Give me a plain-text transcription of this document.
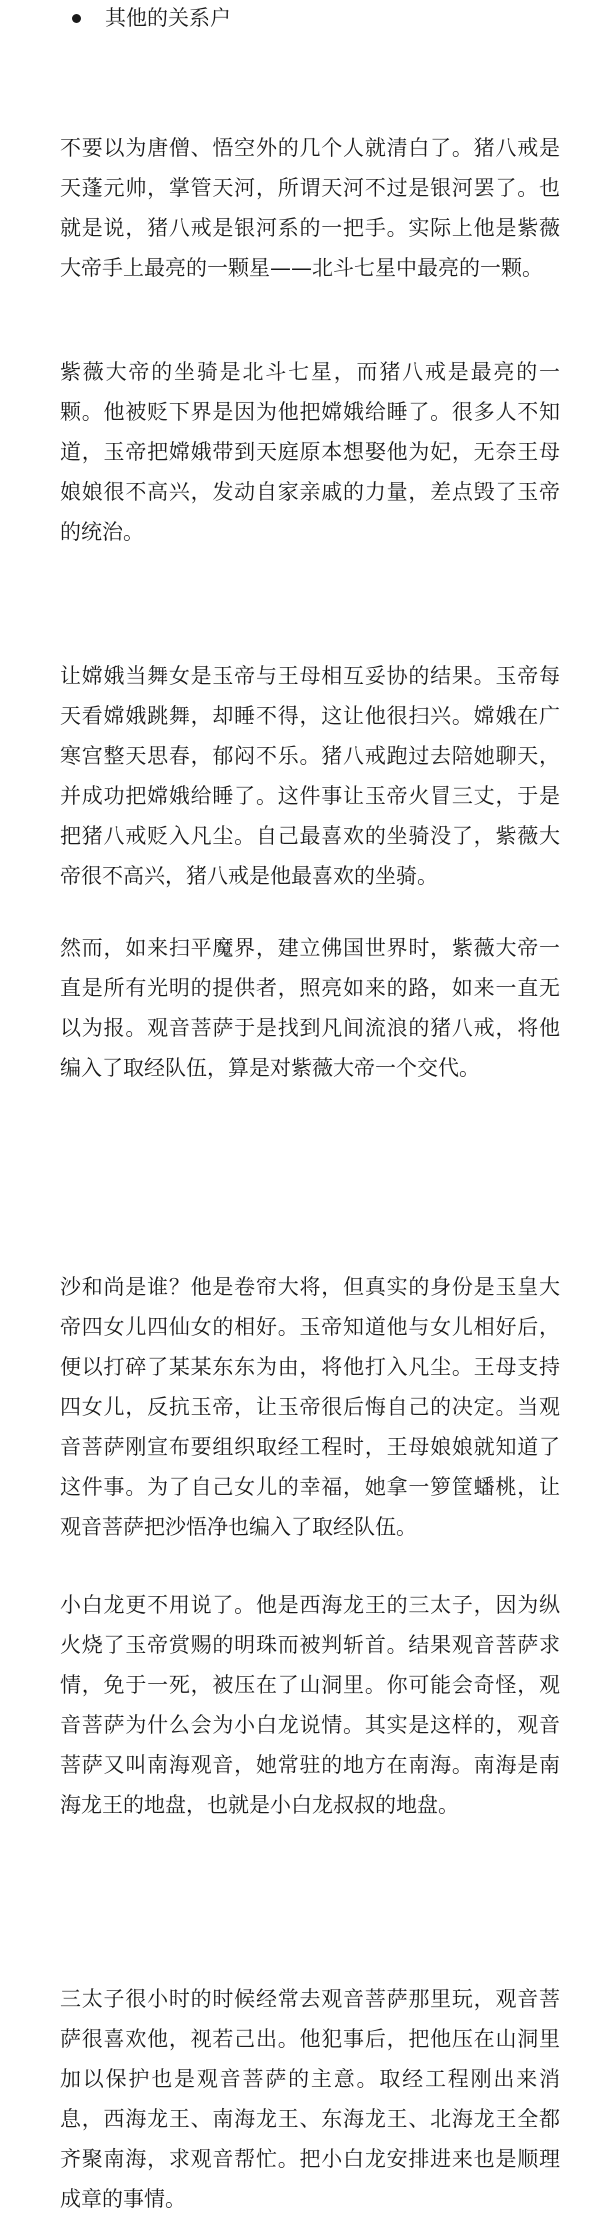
其他的关系户

不要以为唐僧、悟空外的几个人就清白了。猪八戒是天蓬元帅，掌管天河，所谓天河不过是银河罢了。也就是说，猪八戒是银河系的一把手。实际上他是紫薇大帝手上最亮的一颗星——北斗七星中最亮的一颗。

紫薇大帝的坐骑是北斗七星，而猪八戒是最亮的一颗。他被贬下界是因为他把嫦娥给睡了。很多人不知道，玉帝把嫦娥带到天庭原本想娶他为妃，无奈王母娘娘很不高兴，发动自家亲戚的力量，差点毁了玉帝的统治。

让嫦娥当舞女是玉帝与王母相互妥协的结果。玉帝每天看嫦娥跳舞，却睡不得，这让他很扫兴。嫦娥在广寒宫整天思春，郁闷不乐。猪八戒跑过去陪她聊天，并成功把嫦娥给睡了。这件事让玉帝火冒三丈，于是把猪八戒贬入凡尘。自己最喜欢的坐骑没了，紫薇大帝很不高兴，猪八戒是他最喜欢的坐骑。

然而，如来扫平魔界，建立佛国世界时，紫薇大帝一直是所有光明的提供者，照亮如来的路，如来一直无以为报。观音菩萨于是找到凡间流浪的猪八戒，将他编入了取经队伍，算是对紫薇大帝一个交代。

沙和尚是谁？他是卷帘大将，但真实的身份是玉皇大帝四女儿四仙女的相好。玉帝知道他与女儿相好后，便以打碎了某某东东为由，将他打入凡尘。王母支持四女儿，反抗玉帝，让玉帝很后悔自己的决定。当观音菩萨刚宣布要组织取经工程时，王母娘娘就知道了这件事。为了自己女儿的幸福，她拿一箩筐蟠桃，让观音菩萨把沙悟净也编入了取经队伍。

小白龙更不用说了。他是西海龙王的三太子，因为纵火烧了玉帝赏赐的明珠而被判斩首。结果观音菩萨求情，免于一死，被压在了山洞里。你可能会奇怪，观音菩萨为什么会为小白龙说情。其实是这样的，观音菩萨又叫南海观音，她常驻的地方在南海。南海是南海龙王的地盘，也就是小白龙叔叔的地盘。

三太子很小时的时候经常去观音菩萨那里玩，观音菩萨很喜欢他，视若己出。他犯事后，把他压在山洞里加以保护也是观音菩萨的主意。取经工程刚出来消息，西海龙王、南海龙王、东海龙王、北海龙王全都齐聚南海，求观音帮忙。把小白龙安排进来也是顺理成章的事情。
